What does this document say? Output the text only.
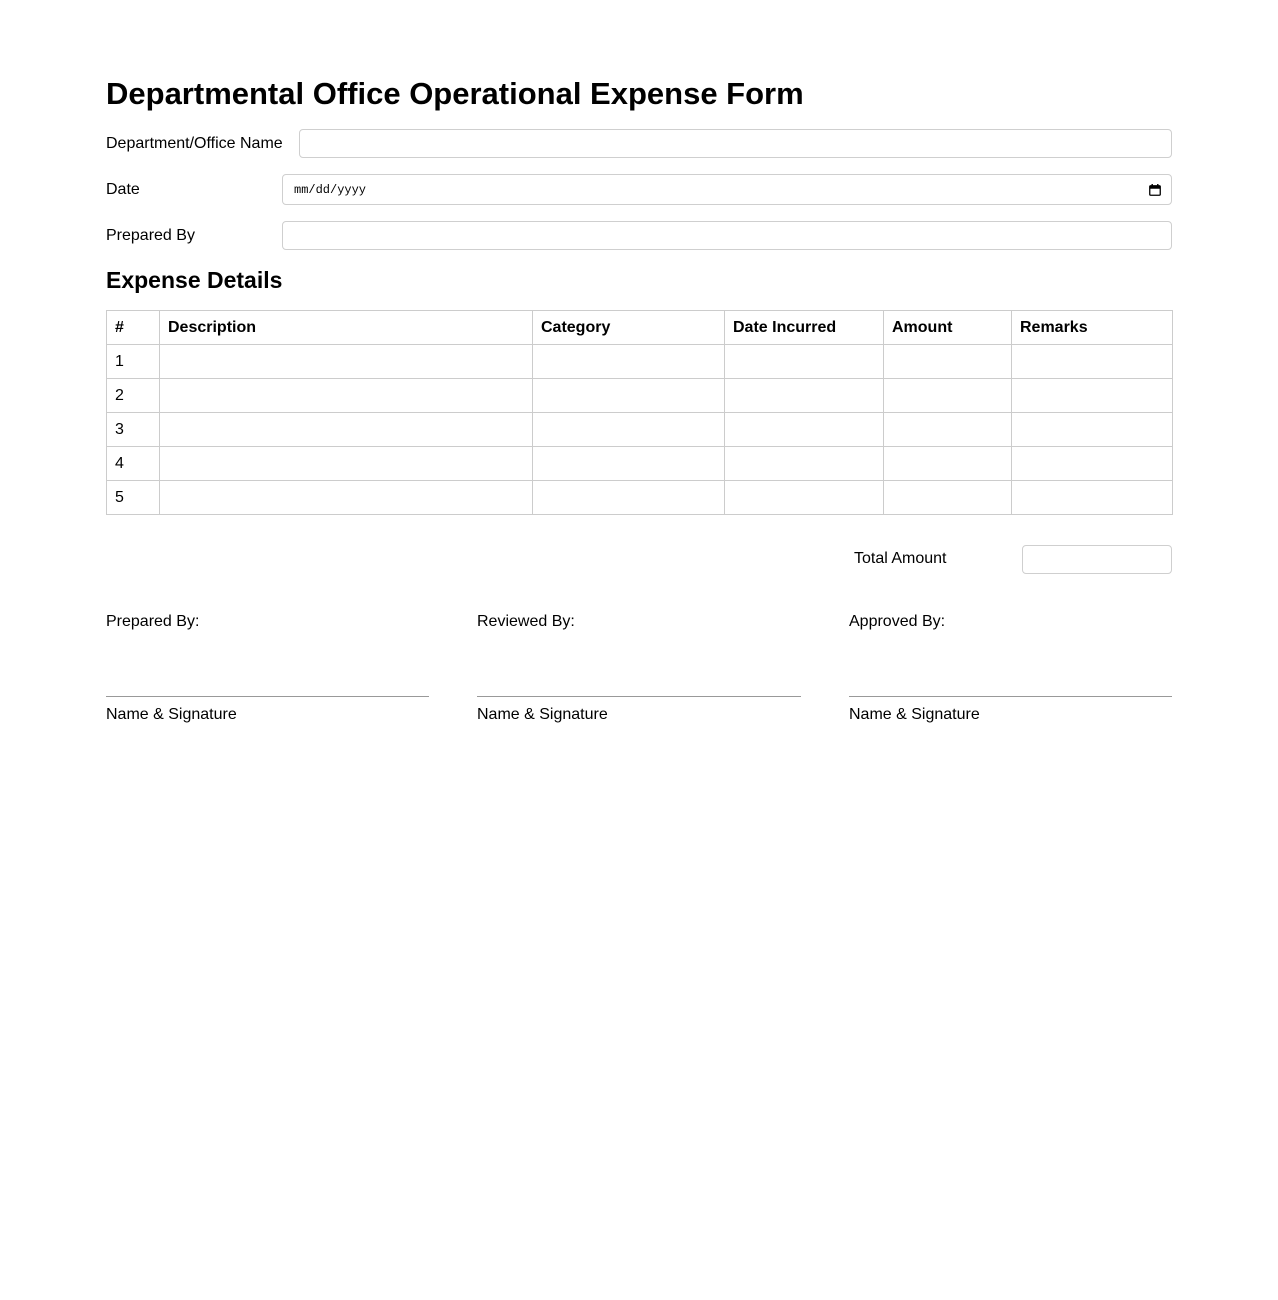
Departmental Office Operational Expense Form
Department/Office Name
Date	mm/dd/yyyy
Prepared By
Expense Details
#	Description	Category	Date Incurred	Amount	Remarks
1					
2					
3					
4					
5					
Total Amount
Prepared By:
Name & Signature
Reviewed By:
Name & Signature
Approved By:
Name & Signature
